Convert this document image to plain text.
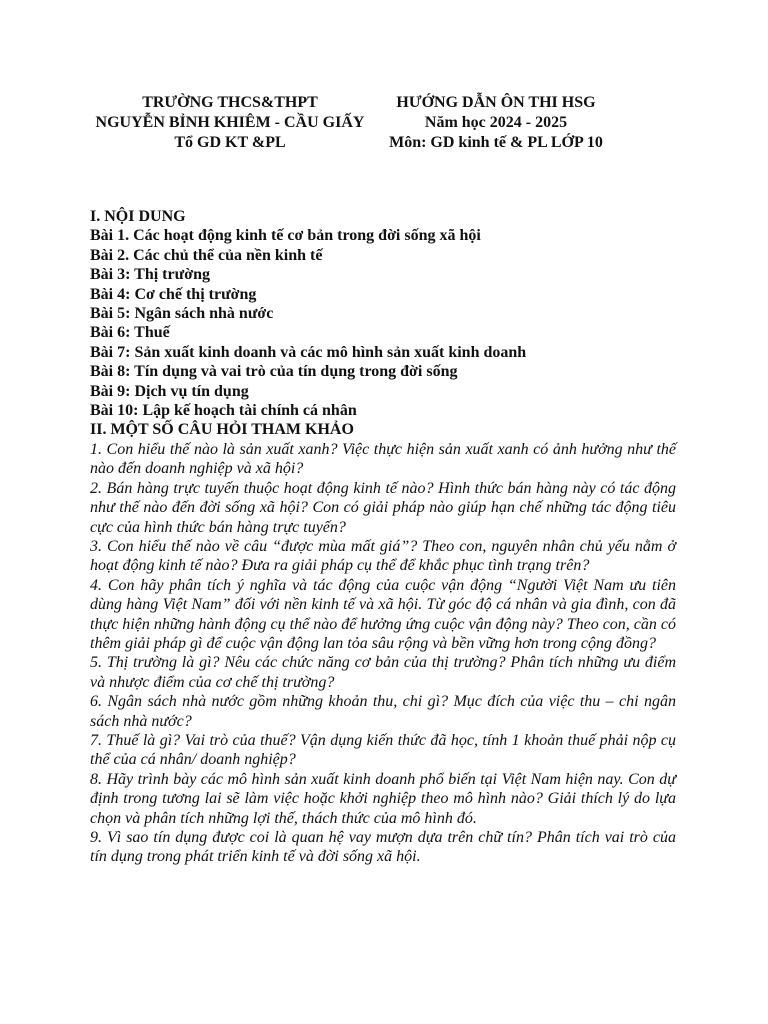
TRƯỜNG THCS&THPT
NGUYỄN BỈNH KHIÊM - CẦU GIẤY
Tổ GD KT &PL
HƯỚNG DẪN ÔN THI HSG
Năm học 2024 - 2025
Môn: GD kinh tế & PL LỚP 10
I. NỘI DUNG
Bài 1. Các hoạt động kinh tế cơ bản trong đời sống xã hội
Bài 2. Các chủ thể của nền kinh tế
Bài 3: Thị trường
Bài 4: Cơ chế thị trường
Bài 5: Ngân sách nhà nước
Bài 6: Thuế
Bài 7: Sản xuất kinh doanh và các mô hình sản xuất kinh doanh
Bài 8: Tín dụng và vai trò của tín dụng trong đời sống
Bài 9: Dịch vụ tín dụng
Bài 10: Lập kế hoạch tài chính cá nhân
II. MỘT SỐ CÂU HỎI THAM KHẢO
1. Con hiểu thế nào là sản xuất xanh? Việc thực hiện sản xuất xanh có ảnh hưởng như thế nào đến doanh nghiệp và xã hội?
2. Bán hàng trực tuyến thuộc hoạt động kinh tế nào? Hình thức bán hàng này có tác động như thế nào đến đời sống xã hội? Con có giải pháp nào giúp hạn chế những tác động tiêu cực của hình thức bán hàng trực tuyến?
3. Con hiểu thế nào về câu “được mùa mất giá”? Theo con, nguyên nhân chủ yếu nằm ở hoạt động kinh tế nào? Đưa ra giải pháp cụ thể để khắc phục tình trạng trên?
4. Con hãy phân tích ý nghĩa và tác động của cuộc vận động “Người Việt Nam ưu tiên dùng hàng Việt Nam” đối với nền kinh tế và xã hội. Từ góc độ cá nhân và gia đình, con đã thực hiện những hành động cụ thể nào để hưởng ứng cuộc vận động này? Theo con, cần có thêm giải pháp gì để cuộc vận động lan tỏa sâu rộng và bền vững hơn trong cộng đồng?
5. Thị trường là gì? Nêu các chức năng cơ bản của thị trường? Phân tích những ưu điểm và nhược điểm của cơ chế thị trường?
6. Ngân sách nhà nước gồm những khoản thu, chi gì? Mục đích của việc thu – chi ngân sách nhà nước?
7. Thuế là gì? Vai trò của thuế? Vận dụng kiến thức đã học, tính 1 khoản thuế phải nộp cụ thể của cá nhân/ doanh nghiệp?
8. Hãy trình bày các mô hình sản xuất kinh doanh phổ biến tại Việt Nam hiện nay. Con dự định trong tương lai sẽ làm việc hoặc khởi nghiệp theo mô hình nào? Giải thích lý do lựa chọn và phân tích những lợi thế, thách thức của mô hình đó.
9. Vì sao tín dụng được coi là quan hệ vay mượn dựa trên chữ tín? Phân tích vai trò của tín dụng trong phát triển kinh tế và đời sống xã hội.
